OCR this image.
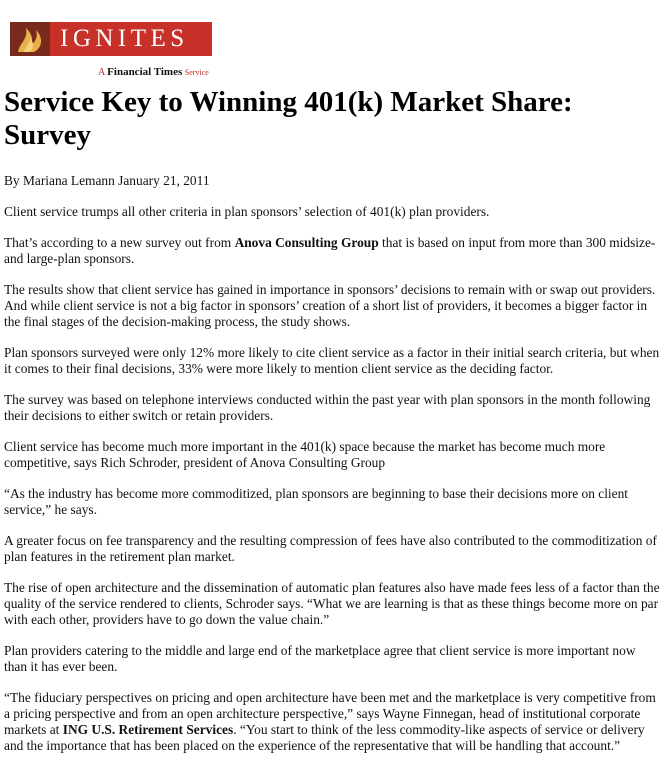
IGNITES
A Financial Times Service
Service Key to Winning 401(k) Market Share: Survey

By Mariana Lemann January 21, 2011

Client service trumps all other criteria in plan sponsors’ selection of 401(k) plan providers.

That’s according to a new survey out from Anova Consulting Group that is based on input from more than 300 midsize- and large-plan sponsors.

The results show that client service has gained in importance in sponsors’ decisions to remain with or swap out providers. And while client service is not a big factor in sponsors’ creation of a short list of providers, it becomes a bigger factor in the final stages of the decision-making process, the study shows.

Plan sponsors surveyed were only 12% more likely to cite client service as a factor in their initial search criteria, but when it comes to their final decisions, 33% were more likely to mention client service as the deciding factor.

The survey was based on telephone interviews conducted within the past year with plan sponsors in the month following their decisions to either switch or retain providers.

Client service has become much more important in the 401(k) space because the market has become much more competitive, says Rich Schroder, president of Anova Consulting Group

“As the industry has become more commoditized, plan sponsors are beginning to base their decisions more on client service,” he says.

A greater focus on fee transparency and the resulting compression of fees have also contributed to the commoditization of plan features in the retirement plan market.

The rise of open architecture and the dissemination of automatic plan features also have made fees less of a factor than the quality of the service rendered to clients, Schroder says. “What we are learning is that as these things become more on par with each other, providers have to go down the value chain.”

Plan providers catering to the middle and large end of the marketplace agree that client service is more important now than it has ever been.

“The fiduciary perspectives on pricing and open architecture have been met and the marketplace is very competitive from a pricing perspective and from an open architecture perspective,” says Wayne Finnegan, head of institutional corporate markets at ING U.S. Retirement Services. “You start to think of the less commodity-like aspects of service or delivery and the importance that has been placed on the experience of the representative that will be handling that account.”
